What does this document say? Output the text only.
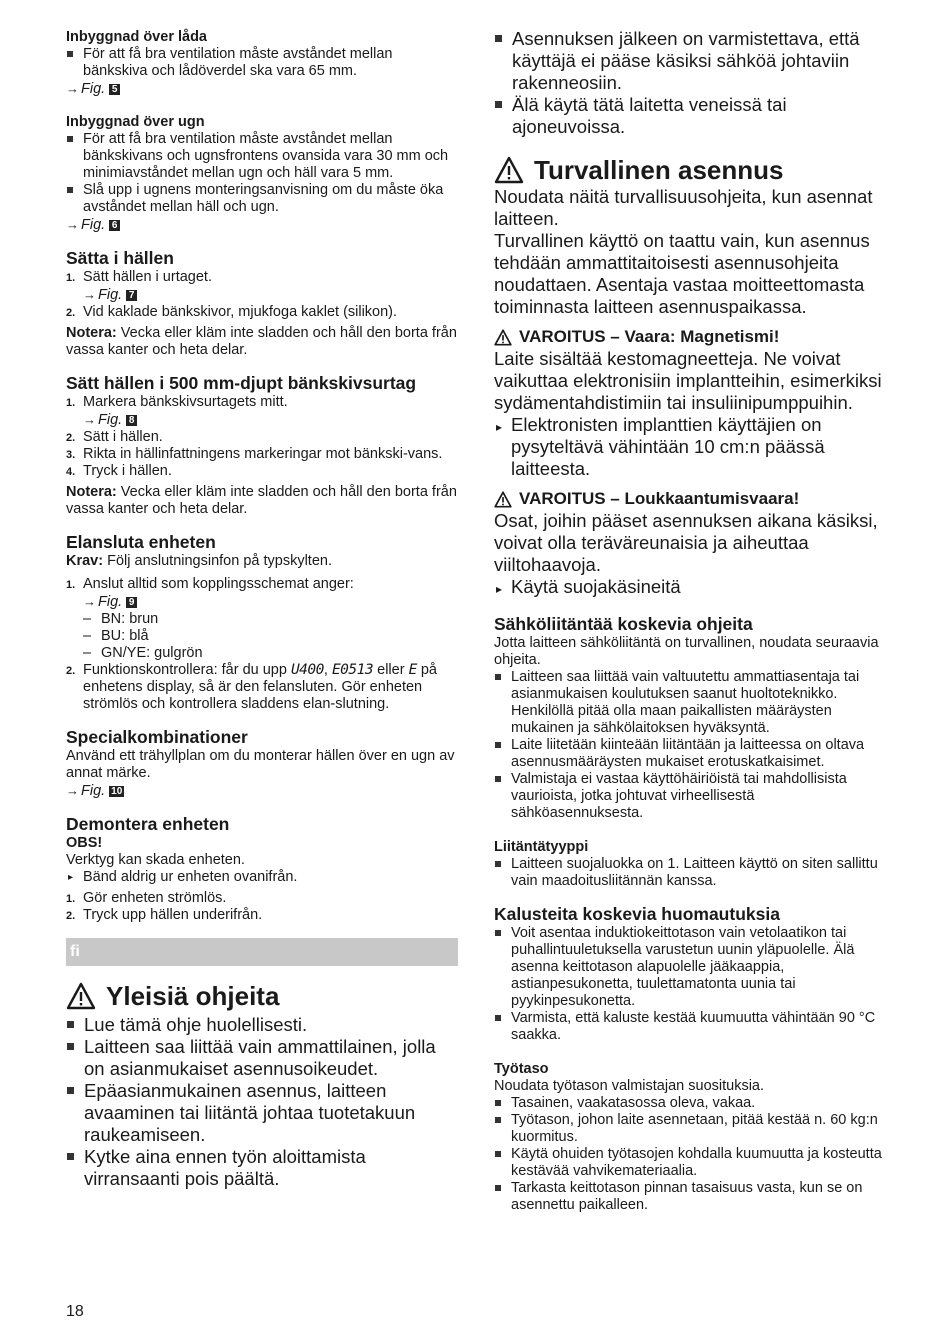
Inbyggnad över låda
För att få bra ventilation måste avståndet mellan bänkskiva och lådöverdel ska vara 65 mm.
→ Fig. 5
Inbyggnad över ugn
För att få bra ventilation måste avståndet mellan bänkskivans och ugnsfrontens ovansida vara 30 mm och minimiavståndet mellan ugn och häll vara 5 mm.
Slå upp i ugnens monteringsanvisning om du måste öka avståndet mellan häll och ugn.
→ Fig. 6
Sätta i hällen
1. Sätt hällen i urtaget.
→ Fig. 7
2. Vid kaklade bänkskivor, mjukfoga kaklet (silikon).

Notera: Vecka eller kläm inte sladden och håll den borta från vassa kanter och heta delar.

Sätt hällen i 500 mm-djupt bänkskivsurtag
1. Markera bänkskivsurtagets mitt.
→ Fig. 8
2. Sätt i hällen.
3. Rikta in hällinfattningens markeringar mot bänkski-vans.
4. Tryck i hällen.

Notera: Vecka eller kläm inte sladden och håll den borta från vassa kanter och heta delar.

Elansluta enheten

Krav: Följ anslutningsinfon på typskylten.

1. Anslut alltid som kopplingsschemat anger:
→ Fig. 9
– BN: brun
– BU: blå
– GN/YE: gulgrön
2. Funktionskontrollera: får du upp U400, E0513 eller E på enhetens display, så är den felansluten. Gör enheten strömlös och kontrollera sladdens elan-slutning.
Specialkombinationer

Använd ett trähyllplan om du monterar hällen över en ugn av annat märke.

→ Fig. 10
Demontera enheten

OBS!

Verktyg kan skada enheten.

▸ Bänd aldrig ur enheten ovanifrån.
1. Gör enheten strömlös.
2. Tryck upp hällen underifrån.
fi
Yleisiä ohjeita
Lue tämä ohje huolellisesti.
Laitteen saa liittää vain ammattilainen, jolla on asianmukaiset asennusoikeudet.
Epäasianmukainen asennus, laitteen avaaminen tai liitäntä johtaa tuotetakuun raukeamiseen.
Kytke aina ennen työn aloittamista virransaanti pois päältä.
Asennuksen jälkeen on varmistettava, että käyttäjä ei pääse käsiksi sähköä johtaviin rakenneosiin.
Älä käytä tätä laitetta veneissä tai ajoneuvoissa.
Turvallinen asennus

Noudata näitä turvallisuusohjeita, kun asennat laitteen.

Turvallinen käyttö on taattu vain, kun asennus tehdään ammattitaitoisesti asennusohjeita noudattaen. Asentaja vastaa moitteettomasta toiminnasta laitteen asennuspaikassa.

VAROITUS – Vaara: Magnetismi!

Laite sisältää kestomagneetteja. Ne voivat vaikuttaa elektronisiin implantteihin, esimerkiksi sydämentahdistimiin tai insuliinipumppuihin.

▸ Elektronisten implanttien käyttäjien on pysyteltävä vähintään 10 cm:n päässä laitteesta.

VAROITUS – Loukkaantumisvaara!

Osat, joihin pääset asennuksen aikana käsiksi, voivat olla teräväreunaisia ja aiheuttaa viiltohaavoja.

▸ Käytä suojakäsineitä
Sähköliitäntää koskevia ohjeita

Jotta laitteen sähköliitäntä on turvallinen, noudata seuraavia ohjeita.

Laitteen saa liittää vain valtuutettu ammattiasentaja tai asianmukaisen koulutuksen saanut huoltoteknikko. Henkilöllä pitää olla maan paikallisten määräysten mukainen ja sähkölaitoksen hyväksyntä.
Laite liitetään kiinteään liitäntään ja laitteessa on oltava asennusmääräysten mukaiset erotuskatkaisimet.
Valmistaja ei vastaa käyttöhäiriöistä tai mahdollisista vaurioista, jotka johtuvat virheellisestä sähköasennuksesta.
Liitäntätyyppi
Laitteen suojaluokka on 1. Laitteen käyttö on siten sallittu vain maadoitusliitännän kanssa.
Kalusteita koskevia huomautuksia
Voit asentaa induktiokeittotason vain vetolaatikon tai puhallintuuletuksella varustetun uunin yläpuolelle. Älä asenna keittotason alapuolelle jääkaappia, astianpesukonetta, tuulettamatonta uunia tai pyykinpesukonetta.
Varmista, että kaluste kestää kuumuutta vähintään 90 °C saakka.
Työtaso

Noudata työtason valmistajan suosituksia.

Tasainen, vaakatasossa oleva, vakaa.
Työtason, johon laite asennetaan, pitää kestää n. 60 kg:n kuormitus.
Käytä ohuiden työtasojen kohdalla kuumuutta ja kosteutta kestävää vahvikemateriaalia.
Tarkasta keittotason pinnan tasaisuus vasta, kun se on asennettu paikalleen.
18
